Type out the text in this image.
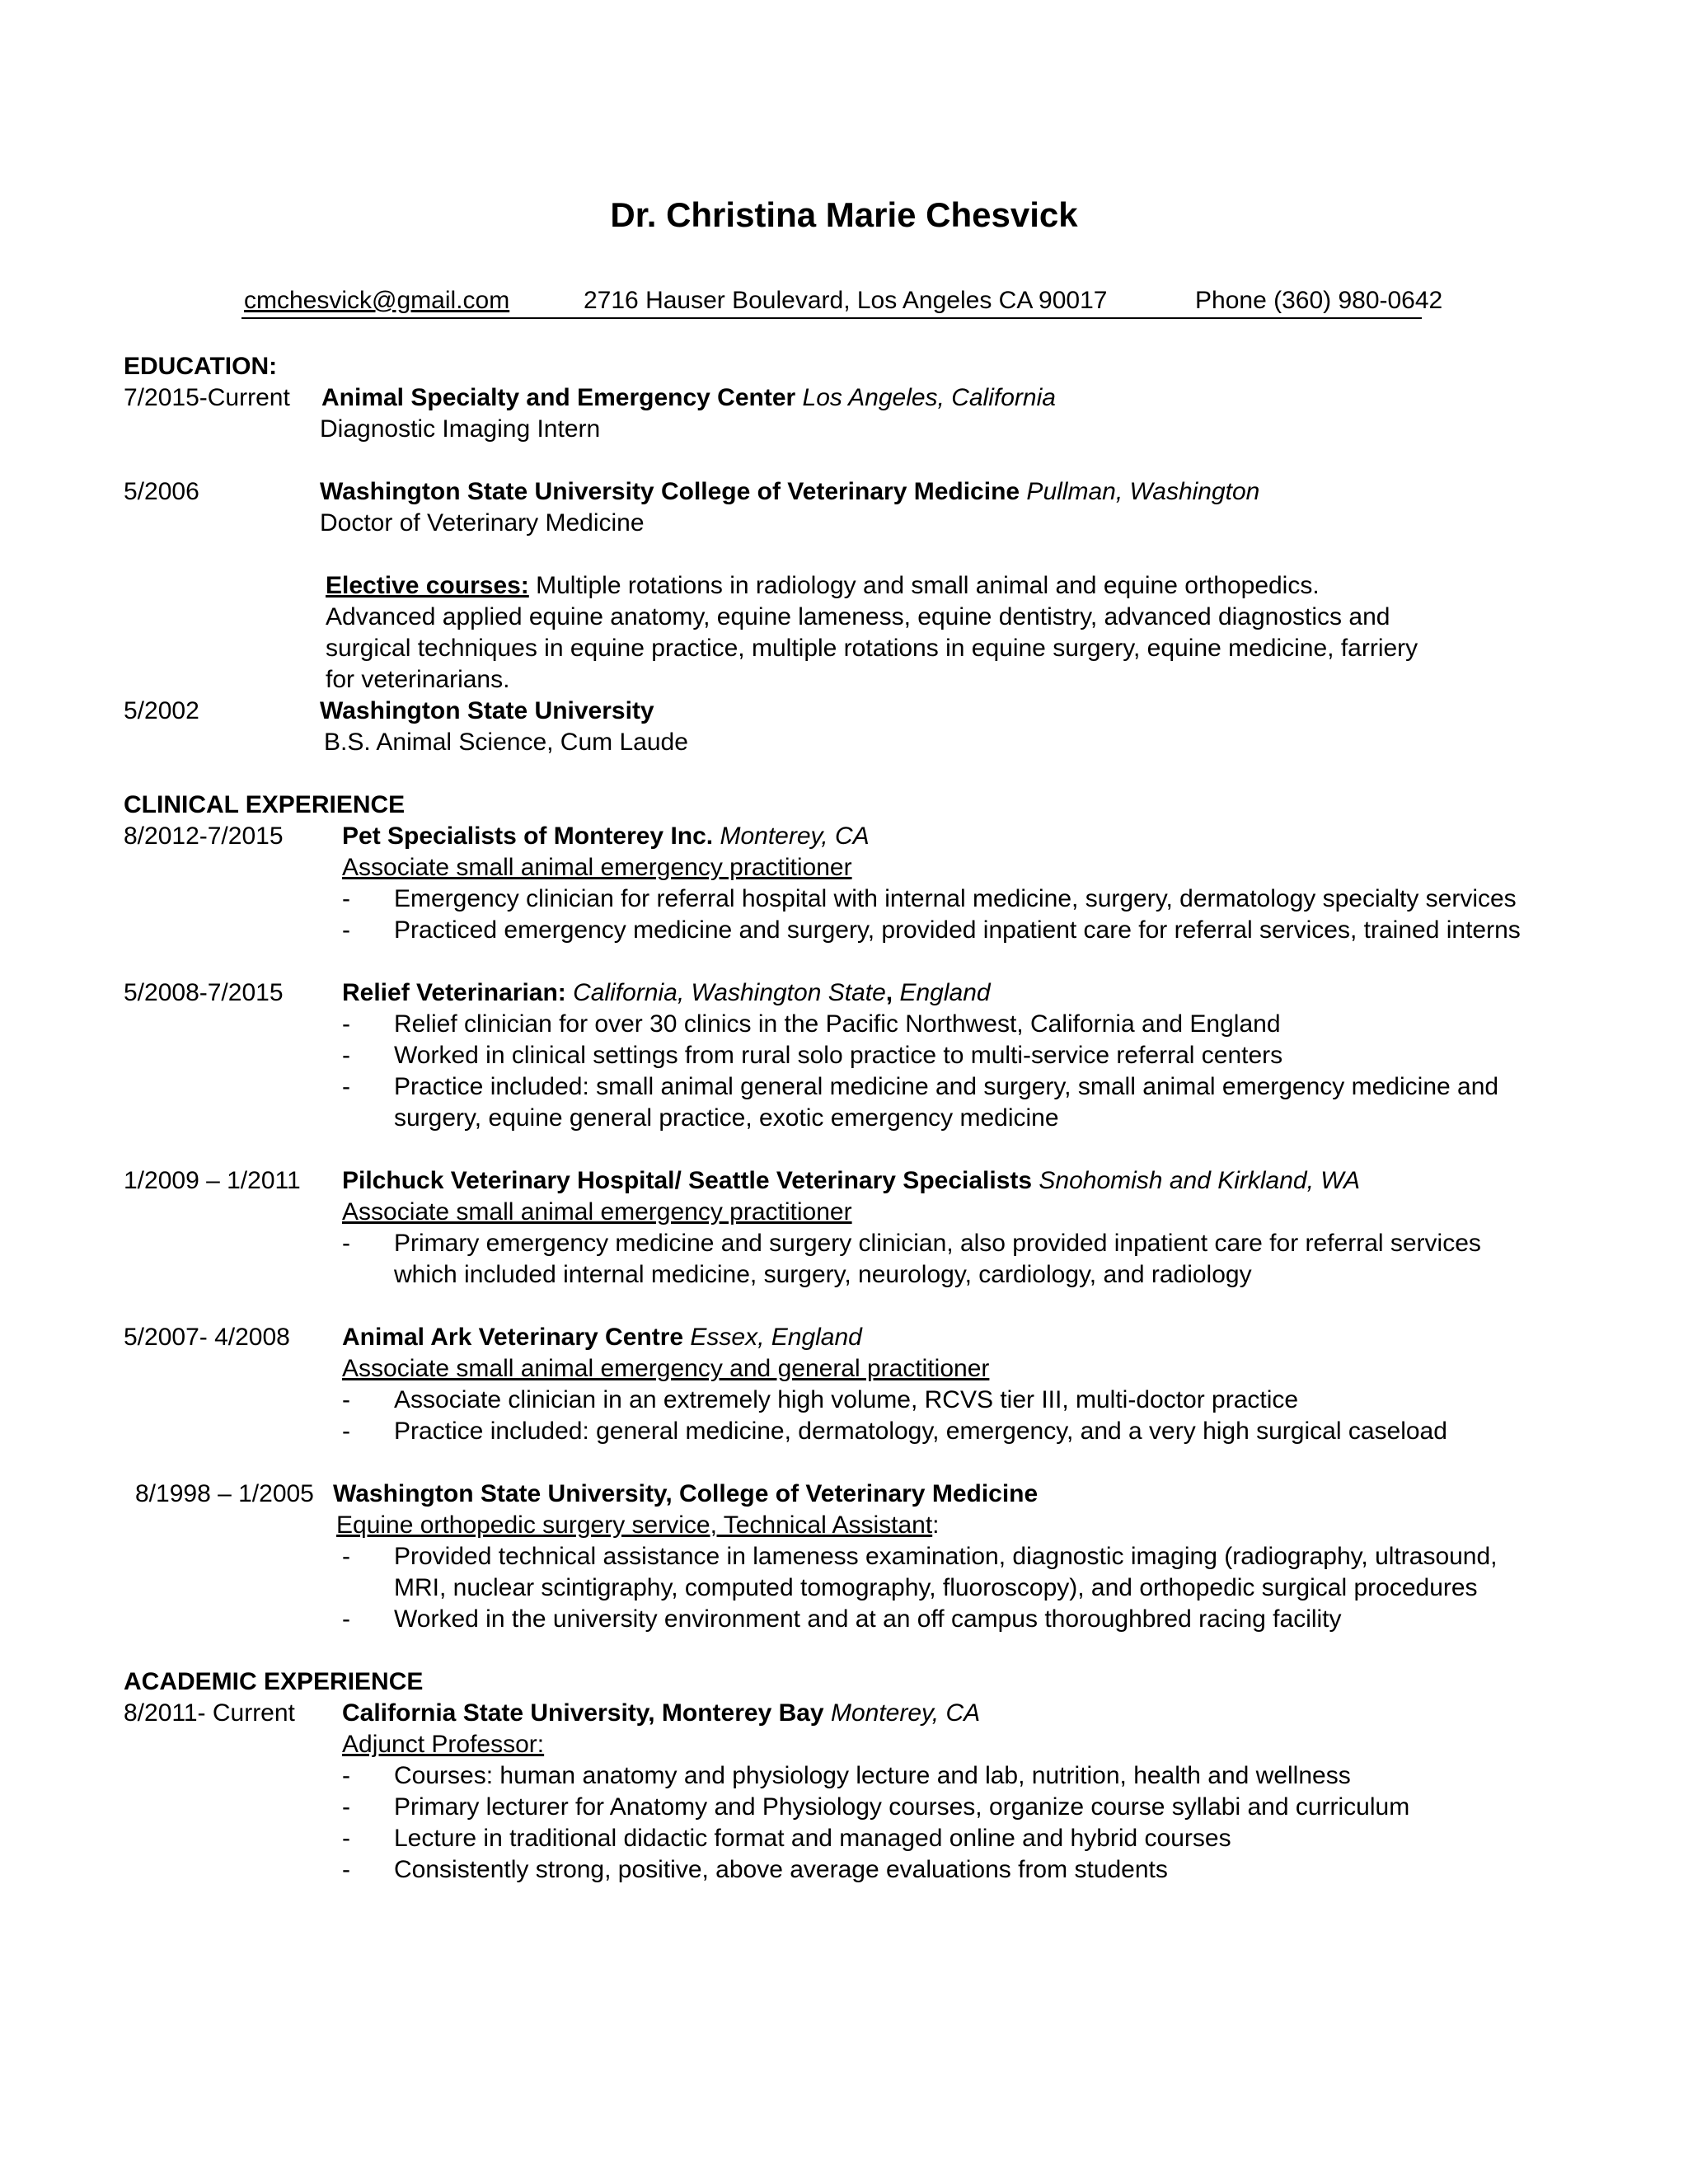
Dr. Christina Marie Chesvick
cmchesvick@gmail.com	2716 Hauser Boulevard, Los Angeles CA 90017	Phone (360) 980-0642
EDUCATION:
7/2015-Current Animal Specialty and Emergency Center Los Angeles, California
Diagnostic Imaging Intern
5/2006	Washington State University College of Veterinary Medicine Pullman, Washington
Doctor of Veterinary Medicine
Elective courses: Multiple rotations in radiology and small animal and equine orthopedics. Advanced applied equine anatomy, equine lameness, equine dentistry, advanced diagnostics and surgical techniques in equine practice, multiple rotations in equine surgery, equine medicine, farriery for veterinarians.
5/2002	Washington State University
B.S. Animal Science, Cum Laude
CLINICAL EXPERIENCE
8/2012-7/2015 Pet Specialists of Monterey Inc. Monterey, CA
Associate small animal emergency practitioner
- Emergency clinician for referral hospital with internal medicine, surgery, dermatology specialty services
- Practiced emergency medicine and surgery, provided inpatient care for referral services, trained interns
5/2008-7/2015 Relief Veterinarian: California, Washington State, England
- Relief clinician for over 30 clinics in the Pacific Northwest, California and England
- Worked in clinical settings from rural solo practice to multi-service referral centers
- Practice included: small animal general medicine and surgery, small animal emergency medicine and
surgery, equine general practice, exotic emergency medicine
1/2009 – 1/2011 Pilchuck Veterinary Hospital/ Seattle Veterinary Specialists Snohomish and Kirkland, WA
Associate small animal emergency practitioner
- Primary emergency medicine and surgery clinician, also provided inpatient care for referral services
which included internal medicine, surgery, neurology, cardiology, and radiology
5/2007- 4/2008 Animal Ark Veterinary Centre Essex, England
Associate small animal emergency and general practitioner
- Associate clinician in an extremely high volume, RCVS tier III, multi-doctor practice
- Practice included: general medicine, dermatology, emergency, and a very high surgical caseload
8/1998 – 1/2005 Washington State University, College of Veterinary Medicine
Equine orthopedic surgery service, Technical Assistant:
- Provided technical assistance in lameness examination, diagnostic imaging (radiography, ultrasound,
MRI, nuclear scintigraphy, computed tomography, fluoroscopy), and orthopedic surgical procedures
- Worked in the university environment and at an off campus thoroughbred racing facility
ACADEMIC EXPERIENCE
8/2011- Current California State University, Monterey Bay Monterey, CA
Adjunct Professor:
- Courses: human anatomy and physiology lecture and lab, nutrition, health and wellness
- Primary lecturer for Anatomy and Physiology courses, organize course syllabi and curriculum
- Lecture in traditional didactic format and managed online and hybrid courses
- Consistently strong, positive, above average evaluations from students
